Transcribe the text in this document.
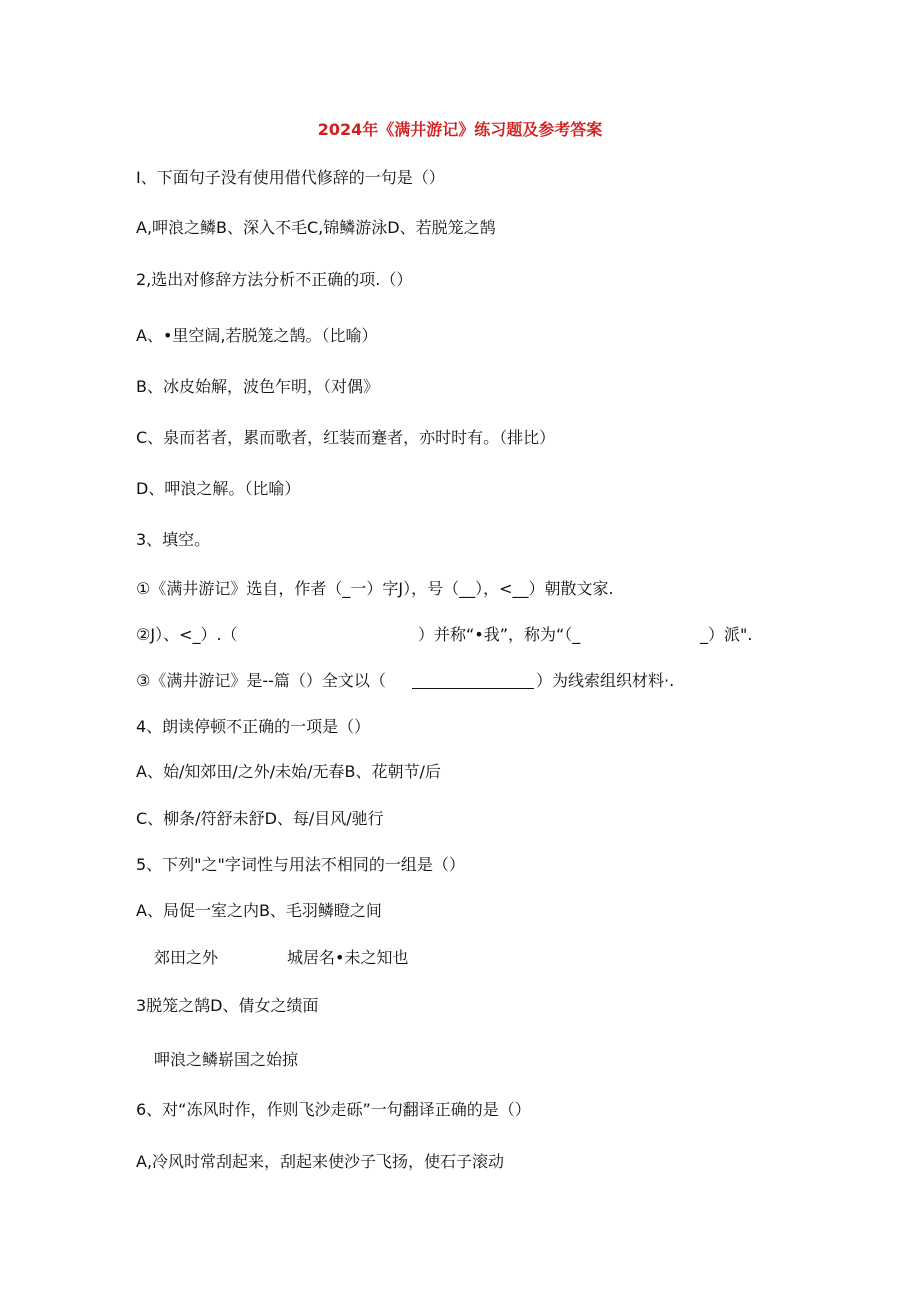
2024年《满井游记》练习题及参考答案
I、下面句子没有使用借代修辞的一句是（）
A,呷浪之鳞B、深入不毛C,锦鳞游泳D、若脱笼之鹄
2,选出对修辞方法分析不正确的项.（）
A、•里空阔,若脱笼之鹄。（比喻）
B、冰皮始解，波色乍明，（对偶》
C、泉而茗者，累而歌者，红装而蹇者，亦时时有。（排比）
D、呷浪之解。（比喻）
3、填空。
①《满井游记》选自，作者（_一）字J），号（__），<__）朝散文家.
②J）、<_）.（	）并称“•我”，称为“（_	_）派".
③《满井游记》是--篇（）全文以（	）为线索组织材料·.
4、朗读停顿不正确的一项是（）
A、始/知郊田/之外/未始/无春B、花朝节/后
C、柳条/符舒未舒D、每/目风/驰行
5、下列"之"字词性与用法不相同的一组是（）
A、局促一室之内B、毛羽鳞瞪之间
郊田之外	城居名•未之知也
3脱笼之鹄D、倩女之绩面
呷浪之鳞崭国之始掠
6、对“冻风时作，作则飞沙走砾”一句翻译正确的是（）
A,冷风时常刮起来，刮起来使沙子飞扬，使石子滚动
